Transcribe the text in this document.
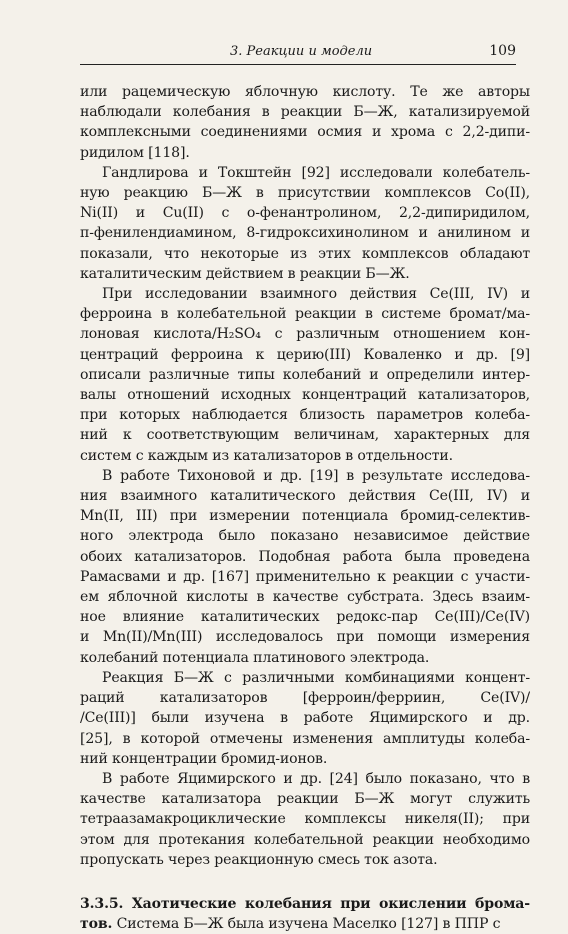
3. Реакции и модели	109
или рацемическую яблочную кислоту. Те же авторы
наблюдали колебания в реакции Б—Ж, катализируемой
комплексными соединениями осмия и хрома с 2,2-дипи-
ридилом [118].
Гандлирова и Токштейн [92] исследовали колебатель-
ную реакцию Б—Ж в присутствии комплексов Co(II),
Ni(II) и Cu(II) с о-фенантролином, 2,2-дипиридилом,
п-фенилендиамином, 8-гидроксихинолином и анилином и
показали, что некоторые из этих комплексов обладают
каталитическим действием в реакции Б—Ж.
При исследовании взаимного действия Ce(III, IV) и
ферроина в колебательной реакции в системе бромат/ма-
лоновая кислота/H₂SO₄ с различным отношением кон-
центраций ферроина к церию(III) Коваленко и др. [9]
описали различные типы колебаний и определили интер-
валы отношений исходных концентраций катализаторов,
при которых наблюдается близость параметров колеба-
ний к соответствующим величинам, характерных для
систем с каждым из катализаторов в отдельности.
В работе Тихоновой и др. [19] в результате исследова-
ния взаимного каталитического действия Ce(III, IV) и
Mn(II, III) при измерении потенциала бромид-селектив-
ного электрода было показано независимое действие
обоих катализаторов. Подобная работа была проведена
Рамасвами и др. [167] применительно к реакции с участи-
ем яблочной кислоты в качестве субстрата. Здесь взаим-
ное влияние каталитических редокс-пар Ce(III)/Ce(IV)
и Mn(II)/Mn(III) исследовалось при помощи измерения
колебаний потенциала платинового электрода.
Реакция Б—Ж с различными комбинациями концент-
раций катализаторов [ферроин/ферриин, Ce(IV)/
/Ce(III)] были изучена в работе Яцимирского и др.
[25], в которой отмечены изменения амплитуды колеба-
ний концентрации бромид-ионов.
В работе Яцимирского и др. [24] было показано, что в
качестве катализатора реакции Б—Ж могут служить
тетраазамакроциклические комплексы никеля(II); при
этом для протекания колебательной реакции необходимо
пропускать через реакционную смесь ток азота.
3.3.5. Хаотические колебания при окислении брома-
тов. Система Б—Ж была изучена Маселко [127] в ППР с
